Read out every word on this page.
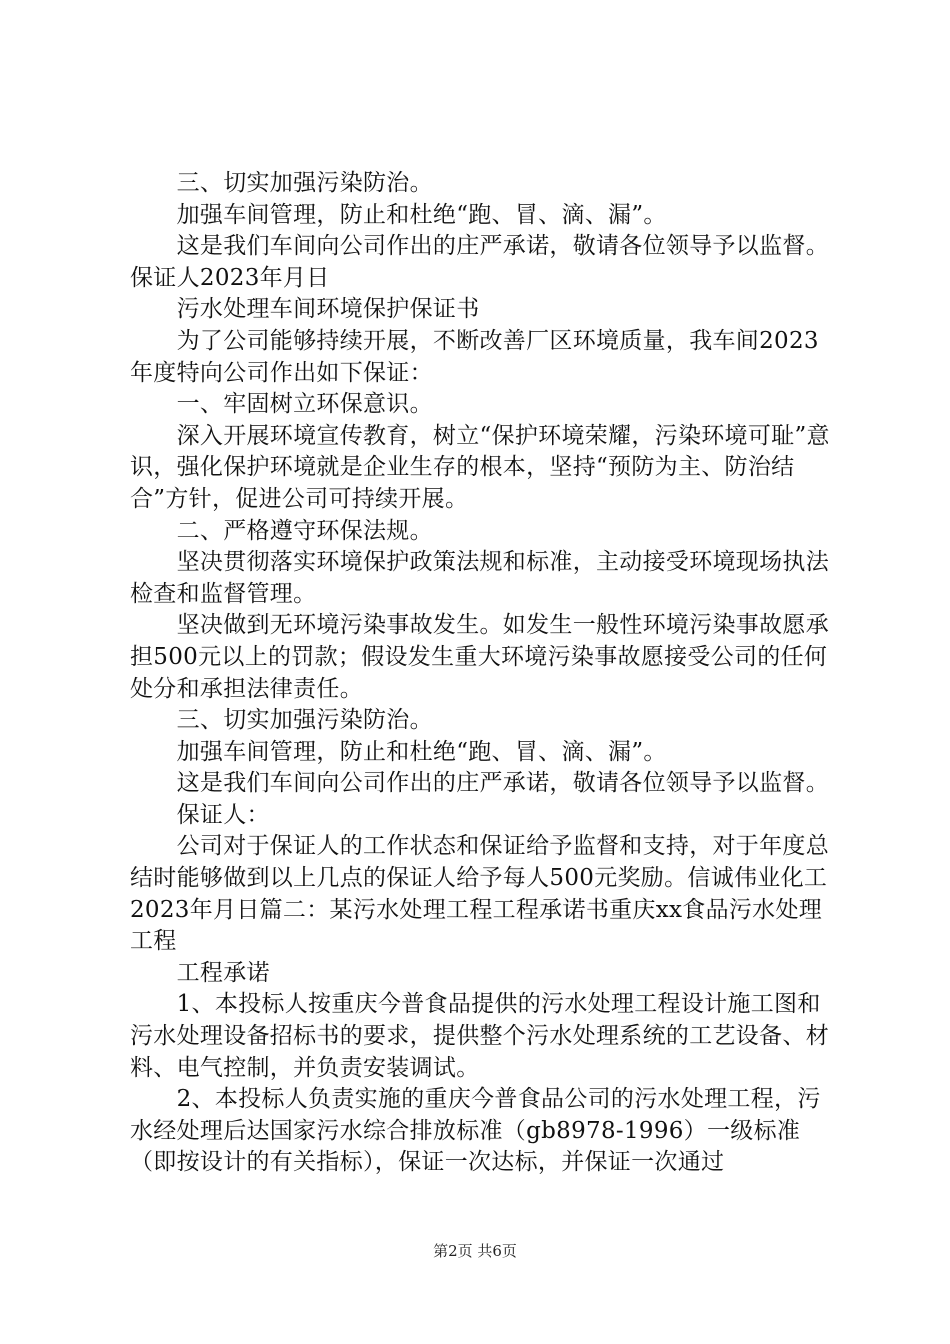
　　三、切实加强污染防治。

　　加强车间管理，防止和杜绝“跑、冒、滴、漏”。

　　这是我们车间向公司作出的庄严承诺，敬请各位领导予以监督。保证人2023年月日

　　污水处理车间环境保护保证书

　　为了公司能够持续开展，不断改善厂区环境质量，我车间2023年度特向公司作出如下保证：

　　一、牢固树立环保意识。

　　深入开展环境宣传教育，树立“保护环境荣耀，污染环境可耻”意识，强化保护环境就是企业生存的根本，坚持“预防为主、防治结合”方针，促进公司可持续开展。

　　二、严格遵守环保法规。

　　坚决贯彻落实环境保护政策法规和标准，主动接受环境现场执法检查和监督管理。

　　坚决做到无环境污染事故发生。如发生一般性环境污染事故愿承担500元以上的罚款；假设发生重大环境污染事故愿接受公司的任何处分和承担法律责任。

　　三、切实加强污染防治。

　　加强车间管理，防止和杜绝“跑、冒、滴、漏”。

　　这是我们车间向公司作出的庄严承诺，敬请各位领导予以监督。

　　保证人：

　　公司对于保证人的工作状态和保证给予监督和支持，对于年度总结时能够做到以上几点的保证人给予每人500元奖励。信诚伟业化工2023年月日篇二：某污水处理工程工程承诺书重庆xx食品污水处理工程

　　工程承诺

　　1、本投标人按重庆今普食品提供的污水处理工程设计施工图和污水处理设备招标书的要求，提供整个污水处理系统的工艺设备、材料、电气控制，并负责安装调试。

　　2、本投标人负责实施的重庆今普食品公司的污水处理工程，污水经处理后达国家污水综合排放标准（gb8978-1996）一级标准（即按设计的有关指标），保证一次达标，并保证一次通过

第2页 共6页
